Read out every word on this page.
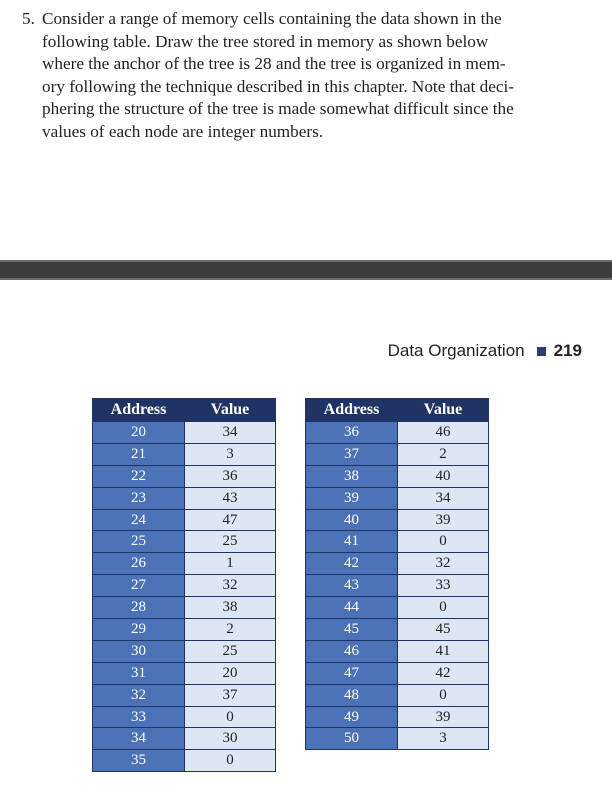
5. Consider a range of memory cells containing the data shown in the
following table. Draw the tree stored in memory as shown below
where the anchor of the tree is 28 and the tree is organized in mem-
ory following the technique described in this chapter. Note that deci-
phering the structure of the tree is made somewhat difficult since the
values of each node are integer numbers.
Data Organization 219
Address	Value
20	34
21	3
22	36
23	43
24	47
25	25
26	1
27	32
28	38
29	2
30	25
31	20
32	37
33	0
34	30
35	0
Address	Value
36	46
37	2
38	40
39	34
40	39
41	0
42	32
43	33
44	0
45	45
46	41
47	42
48	0
49	39
50	3
